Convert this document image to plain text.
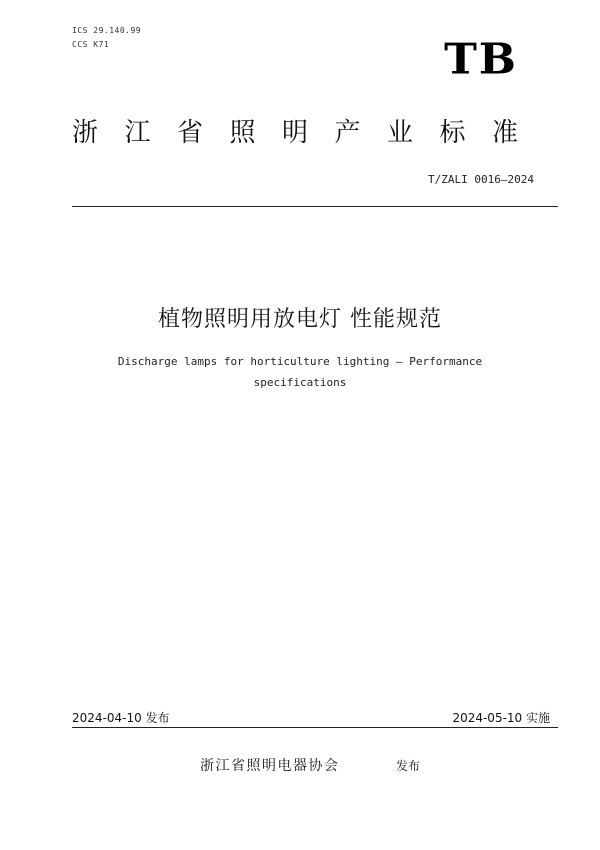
ICS 29.140.99
CCS K71	TB
浙江省照明产业标准
T/ZALI 0016—2024
植物照明用放电灯 性能规范
Discharge lamps for horticulture lighting — Performance specifications
2024-04-10 发布	2024-05-10 实施
浙江省照明电器协会	发布
